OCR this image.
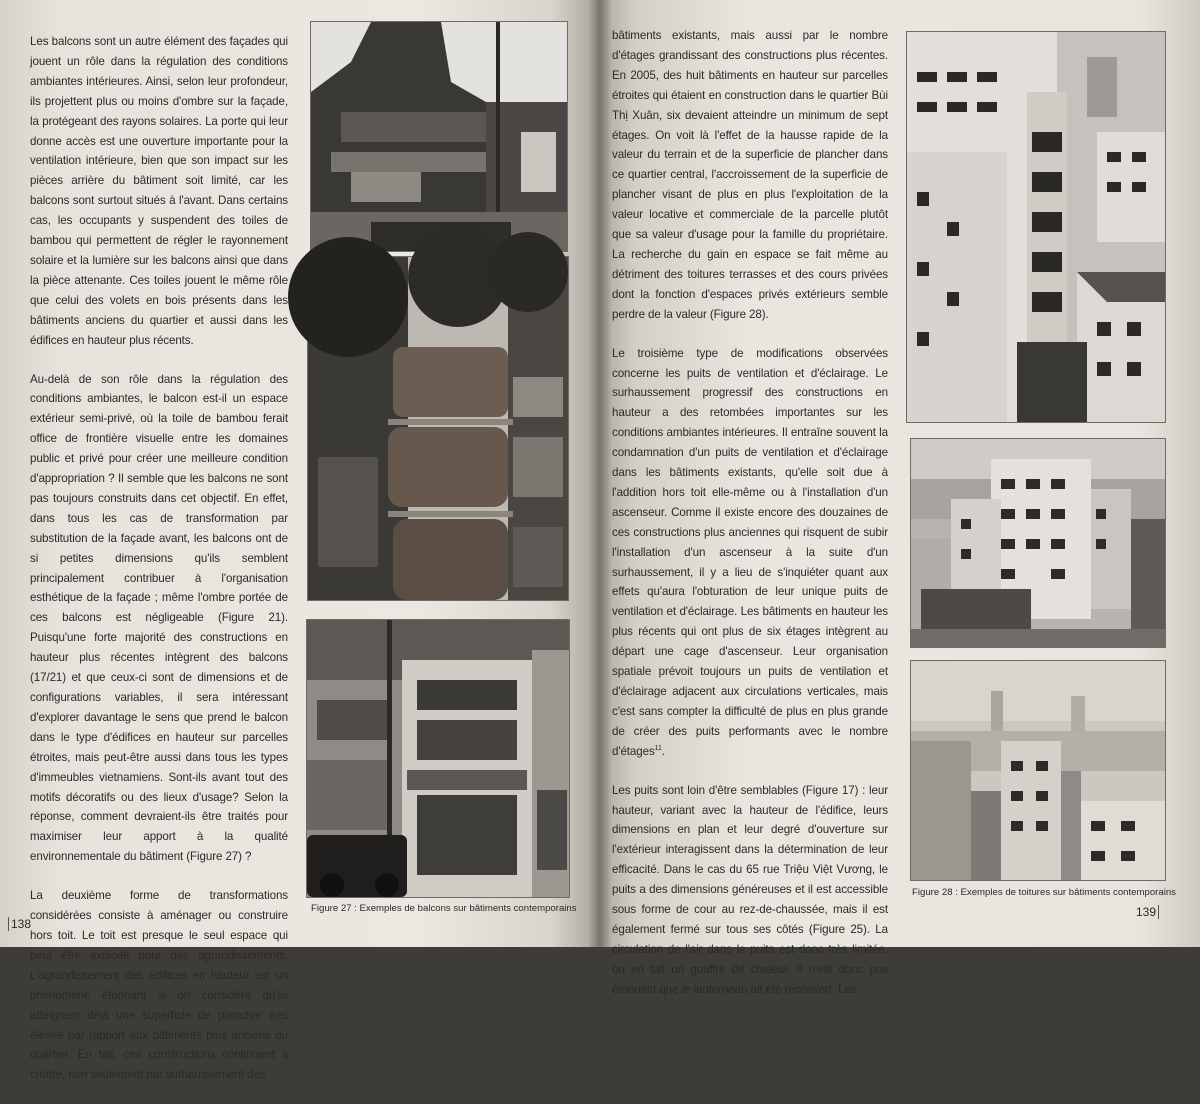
Les balcons sont un autre élément des façades qui jouent un rôle dans la régulation des conditions ambiantes intérieures. Ainsi, selon leur profondeur, ils projettent plus ou moins d'ombre sur la façade, la protégeant des rayons solaires. La porte qui leur donne accès est une ouverture importante pour la ventilation intérieure, bien que son impact sur les pièces arrière du bâtiment soit limité, car les balcons sont surtout situés à l'avant. Dans certains cas, les occupants y suspendent des toiles de bambou qui permettent de régler le rayonnement solaire et la lumière sur les balcons ainsi que dans la pièce attenante. Ces toiles jouent le même rôle que celui des volets en bois présents dans les bâtiments anciens du quartier et aussi dans les édifices en hauteur plus récents.

Au-delà de son rôle dans la régulation des conditions ambiantes, le balcon est-il un espace extérieur semi-privé, où la toile de bambou ferait office de frontière visuelle entre les domaines public et privé pour créer une meilleure condition d'appropriation ? Il semble que les balcons ne sont pas toujours construits dans cet objectif. En effet, dans tous les cas de transformation par substitution de la façade avant, les balcons ont de si petites dimensions qu'ils semblent principalement contribuer à l'organisation esthétique de la façade ; même l'ombre portée de ces balcons est négligeable (Figure 21). Puisqu'une forte majorité des constructions en hauteur plus récentes intègrent des balcons (17/21) et que ceux-ci sont de dimensions et de configurations variables, il sera intéressant d'explorer davantage le sens que prend le balcon dans le type d'édifices en hauteur sur parcelles étroites, mais peut-être aussi dans tous les types d'immeubles vietnamiens. Sont-ils avant tout des motifs décoratifs ou des lieux d'usage? Selon la réponse, comment devraient-ils être traités pour maximiser leur apport à la qualité environnementale du bâtiment (Figure 27) ?

La deuxième forme de transformations considérées consiste à aménager ou construire hors toit. Le toit est presque le seul espace qui peut être exploité pour des agrandissements. L'agrandissement des édifices en hauteur est un phénomène étonnant si on considère qu'ils atteignent déjà une superficie de plancher très élevée par rapport aux bâtiments plus anciens du quartier. En fait, ces constructions continuent à croître, non seulement par surhaussement des

Figure 27 : Exemples de balcons sur bâtiments contemporains
138

bâtiments existants, mais aussi par le nombre d'étages grandissant des constructions plus récentes. En 2005, des huit bâtiments en hauteur sur parcelles étroites qui étaient en construction dans le quartier Bùi Thị Xuân, six devaient atteindre un minimum de sept étages. On voit là l'effet de la hausse rapide de la valeur du terrain et de la superficie de plancher dans ce quartier central, l'accroissement de la superficie de plancher visant de plus en plus l'exploitation de la valeur locative et commerciale de la parcelle plutôt que sa valeur d'usage pour la famille du propriétaire. La recherche du gain en espace se fait même au détriment des toitures terrasses et des cours privées dont la fonction d'espaces privés extérieurs semble perdre de la valeur (Figure 28).

Le troisième type de modifications observées concerne les puits de ventilation et d'éclairage. Le surhaussement progressif des constructions en hauteur a des retombées importantes sur les conditions ambiantes intérieures. Il entraîne souvent la condamnation d'un puits de ventilation et d'éclairage dans les bâtiments existants, qu'elle soit due à l'addition hors toit elle-même ou à l'installation d'un ascenseur. Comme il existe encore des douzaines de ces constructions plus anciennes qui risquent de subir l'installation d'un ascenseur à la suite d'un surhaussement, il y a lieu de s'inquiéter quant aux effets qu'aura l'obturation de leur unique puits de ventilation et d'éclairage. Les bâtiments en hauteur les plus récents qui ont plus de six étages intègrent au départ une cage d'ascenseur. Leur organisation spatiale prévoit toujours un puits de ventilation et d'éclairage adjacent aux circulations verticales, mais c'est sans compter la difficulté de plus en plus grande de créer des puits performants avec le nombre d'étages$^{11}$.

Les puits sont loin d'être semblables (Figure 17) : leur hauteur, variant avec la hauteur de l'édifice, leurs dimensions en plan et leur degré d'ouverture sur l'extérieur interagissent dans la détermination de leur efficacité. Dans le cas du 65 rue Triệu Việt Vương, le puits a des dimensions généreuses et il est accessible sous forme de cour au rez-de-chaussée, mais il est également fermé sur tous ses côtés (Figure 25). La circulation de l'air dans le puits est donc très limitée, on en fait un gouffre de chaleur. Il n'est donc pas étonnant que le lanterneau ait été recouvert. Les

Figure 28 : Exemples de toitures sur bâtiments contemporains
139
